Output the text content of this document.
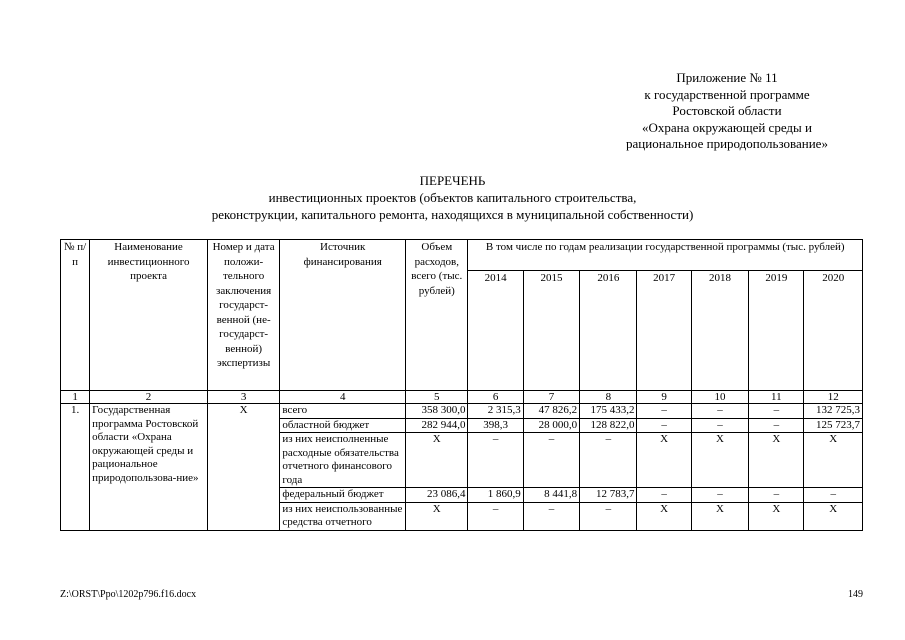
Приложение № 11
к государственной программе
Ростовской области
«Охрана окружающей среды и
рациональное природопользование»
ПЕРЕЧЕНЬ
инвестиционных проектов (объектов капитального строительства,
реконструкции, капитального ремонта, находящихся в муниципальной собственности)
№ п/п	Наименование инвестиционного проекта	Номер и дата положи-тельного заключения государст-венной (не-государст-венной) экспертизы	Источник финансирования	Объем расходов, всего (тыс. рублей)	В том числе по годам реализации государственной программы (тыс. рублей)						
					2014	2015	2016	2017	2018	2019	2020
1	2	3	4	5	6	7	8	9	10	11	12
1.	Государственная программа Ростовской области «Охрана окружающей среды и рациональное природопользова-ние»	Х	всего	358 300,0	2 315,3	47 826,2	175 433,2	–	–	–	132 725,3
			областной бюджет	282 944,0	398,3	28 000,0	128 822,0	–	–	–	125 723,7
			из них неисполненные расходные обязательства отчетного финансового года	Х	–	–	–	Х	Х	Х	Х
			федеральный бюджет	23 086,4	1 860,9	8 441,8	12 783,7	–	–	–	–
			из них неиспользованные средства отчетного	Х	–	–	–	Х	Х	Х	Х
Z:\ORST\Ppo\1202p796.f16.docx	149
